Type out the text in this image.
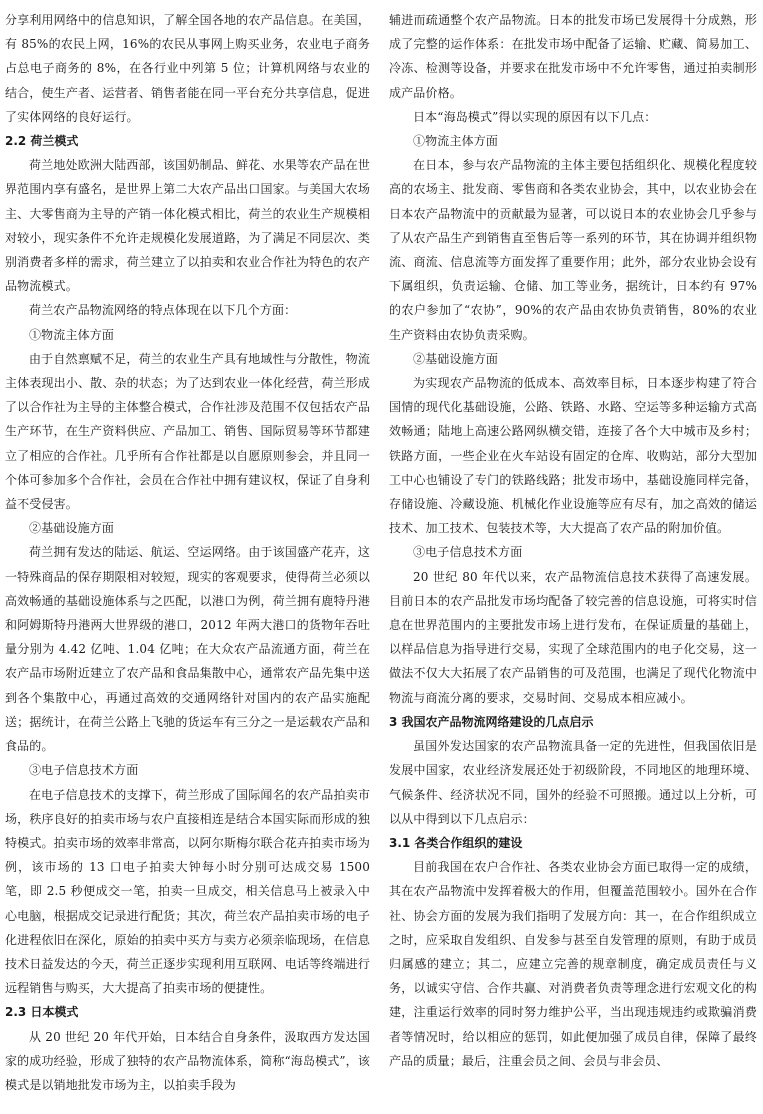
分享利用网络中的信息知识，了解全国各地的农产品信息。在美国，有 85%的农民上网，16%的农民从事网上购买业务，农业电子商务占总电子商务的 8%，在各行业中列第 5 位；计算机网络与农业的结合，使生产者、运营者、销售者能在同一平台充分共享信息，促进了实体网络的良好运行。

2.2 荷兰模式

荷兰地处欧洲大陆西部，该国奶制品、鲜花、水果等农产品在世界范围内享有盛名，是世界上第二大农产品出口国家。与美国大农场主、大零售商为主导的产销一体化模式相比，荷兰的农业生产规模相对较小，现实条件不允许走规模化发展道路，为了满足不同层次、类别消费者多样的需求，荷兰建立了以拍卖和农业合作社为特色的农产品物流模式。

荷兰农产品物流网络的特点体现在以下几个方面：

①物流主体方面

由于自然禀赋不足，荷兰的农业生产具有地域性与分散性，物流主体表现出小、散、杂的状态；为了达到农业一体化经营，荷兰形成了以合作社为主导的主体整合模式，合作社涉及范围不仅包括农产品生产环节，在生产资料供应、产品加工、销售、国际贸易等环节都建立了相应的合作社。几乎所有合作社都是以自愿原则参会，并且同一个体可参加多个合作社，会员在合作社中拥有建议权，保证了自身利益不受侵害。

②基础设施方面

荷兰拥有发达的陆运、航运、空运网络。由于该国盛产花卉，这一特殊商品的保存期限相对较短，现实的客观要求，使得荷兰必须以高效畅通的基础设施体系与之匹配，以港口为例，荷兰拥有鹿特丹港和阿姆斯特丹港两大世界级的港口，2012 年两大港口的货物年吞吐量分别为 4.42 亿吨、1.04 亿吨；在大众农产品流通方面，荷兰在农产品市场附近建立了农产品和食品集散中心，通常农产品先集中送到各个集散中心，再通过高效的交通网络针对国内的农产品实施配送；据统计，在荷兰公路上飞驰的货运车有三分之一是运载农产品和食品的。

③电子信息技术方面

在电子信息技术的支撑下，荷兰形成了国际闻名的农产品拍卖市场，秩序良好的拍卖市场与农户直接相连是结合本国实际而形成的独特模式。拍卖市场的效率非常高，以阿尔斯梅尔联合花卉拍卖市场为例，该市场的 13 口电子拍卖大钟每小时分别可达成交易 1500 笔，即 2.5 秒便成交一笔，拍卖一旦成交，相关信息马上被录入中心电脑，根据成交记录进行配货；其次，荷兰农产品拍卖市场的电子化进程依旧在深化，原始的拍卖中买方与卖方必须亲临现场，在信息技术日益发达的今天，荷兰正逐步实现利用互联网、电话等终端进行远程销售与购买，大大提高了拍卖市场的便捷性。

2.3 日本模式

从 20 世纪 20 年代开始，日本结合自身条件，汲取西方发达国家的成功经验，形成了独特的农产品物流体系，简称“海岛模式”，该模式是以销地批发市场为主，以拍卖手段为

辅进而疏通整个农产品物流。日本的批发市场已发展得十分成熟，形成了完整的运作体系：在批发市场中配备了运输、贮藏、简易加工、冷冻、检测等设备，并要求在批发市场中不允许零售，通过拍卖制形成产品价格。

日本“海岛模式”得以实现的原因有以下几点：

①物流主体方面

在日本，参与农产品物流的主体主要包括组织化、规模化程度较高的农场主、批发商、零售商和各类农业协会，其中，以农业协会在日本农产品物流中的贡献最为显著，可以说日本的农业协会几乎参与了从农产品生产到销售直至售后等一系列的环节，其在协调并组织物流、商流、信息流等方面发挥了重要作用；此外，部分农业协会设有下属组织，负责运输、仓储、加工等业务，据统计，日本约有 97%的农户参加了“农协”，90%的农产品由农协负责销售，80%的农业生产资料由农协负责采购。

②基础设施方面

为实现农产品物流的低成本、高效率目标，日本逐步构建了符合国情的现代化基础设施，公路、铁路、水路、空运等多种运输方式高效畅通；陆地上高速公路网纵横交错，连接了各个大中城市及乡村；铁路方面，一些企业在火车站设有固定的仓库、收购站，部分大型加工中心也铺设了专门的铁路线路；批发市场中，基础设施同样完备，存储设施、冷藏设施、机械化作业设施等应有尽有，加之高效的储运技术、加工技术、包装技术等，大大提高了农产品的附加价值。

③电子信息技术方面

20 世纪 80 年代以来，农产品物流信息技术获得了高速发展。目前日本的农产品批发市场均配备了较完善的信息设施，可将实时信息在世界范围内的主要批发市场上进行发布，在保证质量的基础上，以样品信息为指导进行交易，实现了全球范围内的电子化交易，这一做法不仅大大拓展了农产品销售的可及范围，也满足了现代化物流中物流与商流分离的要求，交易时间、交易成本相应减小。

3 我国农产品物流网络建设的几点启示

虽国外发达国家的农产品物流具备一定的先进性，但我国依旧是发展中国家，农业经济发展还处于初级阶段，不同地区的地理环境、气候条件、经济状况不同，国外的经验不可照搬。通过以上分析，可以从中得到以下几点启示：

3.1 各类合作组织的建设

目前我国在农户合作社、各类农业协会方面已取得一定的成绩，其在农产品物流中发挥着极大的作用，但覆盖范围较小。国外在合作社、协会方面的发展为我们指明了发展方向：其一，在合作组织成立之时，应采取自发组织、自发参与甚至自发管理的原则，有助于成员归属感的建立；其二，应建立完善的规章制度，确定成员责任与义务，以诚实守信、合作共赢、对消费者负责等理念进行宏观文化的构建，注重运行效率的同时努力维护公平，当出现违规违约或欺骗消费者等情况时，给以相应的惩罚，如此便加强了成员自律，保障了最终产品的质量；最后，注重会员之间、会员与非会员、
